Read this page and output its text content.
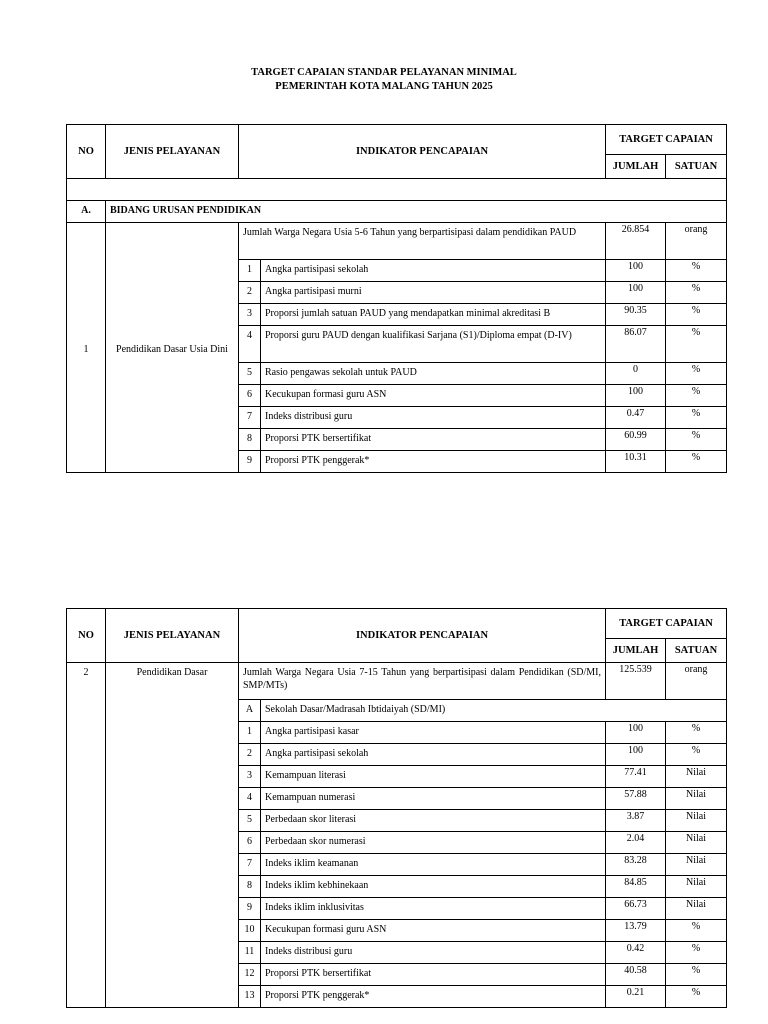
TARGET CAPAIAN STANDAR PELAYANAN MINIMAL
PEMERINTAH KOTA MALANG TAHUN 2025
NO	JENIS PELAYANAN	INDIKATOR PENCAPAIAN		TARGET CAPAIAN	
				JUMLAH	SATUAN

A.	BIDANG URUSAN PENDIDIKAN				
1	Pendidikan Dasar Usia Dini	Jumlah Warga Negara Usia 5-6 Tahun yang berpartisipasi dalam pendidikan PAUD		26.854	orang
		1	Angka partisipasi sekolah	100	%
		2	Angka partisipasi murni	100	%
		3	Proporsi jumlah satuan PAUD yang mendapatkan minimal akreditasi B	90.35	%
		4	Proporsi guru PAUD dengan kualifikasi Sarjana (S1)/Diploma empat (D-IV)	86.07	%
		5	Rasio pengawas sekolah untuk PAUD	0	%
		6	Kecukupan formasi guru ASN	100	%
		7	Indeks distribusi guru	0.47	%
		8	Proporsi PTK bersertifikat	60.99	%
		9	Proporsi PTK penggerak*	10.31	%
NO	JENIS PELAYANAN	INDIKATOR PENCAPAIAN		TARGET CAPAIAN	
				JUMLAH	SATUAN
2	Pendidikan Dasar	Jumlah Warga Negara Usia 7-15 Tahun yang berpartisipasi dalam Pendidikan (SD/MI, SMP/MTs)		125.539	orang
		A	Sekolah Dasar/Madrasah Ibtidaiyah (SD/MI)		
		1	Angka partisipasi kasar	100	%
		2	Angka partisipasi sekolah	100	%
		3	Kemampuan literasi	77.41	Nilai
		4	Kemampuan numerasi	57.88	Nilai
		5	Perbedaan skor literasi	3.87	Nilai
		6	Perbedaan skor numerasi	2.04	Nilai
		7	Indeks iklim keamanan	83.28	Nilai
		8	Indeks iklim kebhinekaan	84.85	Nilai
		9	Indeks iklim inklusivitas	66.73	Nilai
		10	Kecukupan formasi guru ASN	13.79	%
		11	Indeks distribusi guru	0.42	%
		12	Proporsi PTK bersertifikat	40.58	%
		13	Proporsi PTK penggerak*	0.21	%
